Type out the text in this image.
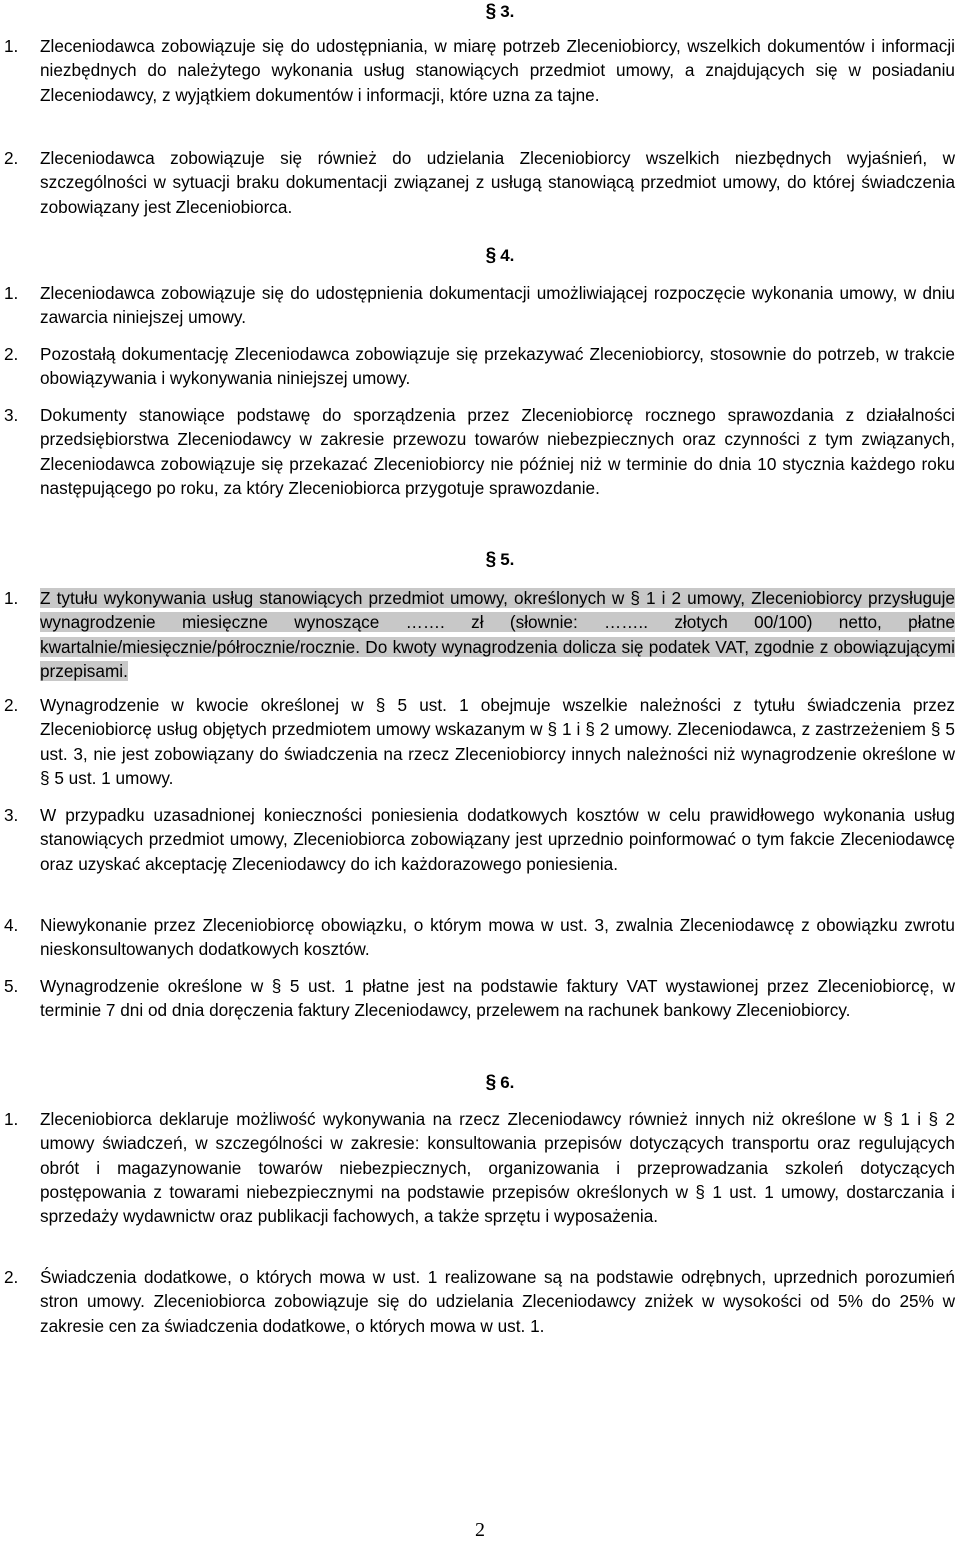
§ 3.

1. Zleceniodawca zobowiązuje się do udostępniania, w miarę potrzeb Zleceniobiorcy, wszelkich dokumentów i informacji niezbędnych do należytego wykonania usług stanowiących przedmiot umowy, a znajdujących się w posiadaniu Zleceniodawcy, z wyjątkiem dokumentów i informacji, które uzna za tajne.
2. Zleceniodawca zobowiązuje się również do udzielania Zleceniobiorcy wszelkich niezbędnych wyjaśnień, w szczególności w sytuacji braku dokumentacji związanej z usługą stanowiącą przedmiot umowy, do której świadczenia zobowiązany jest Zleceniobiorca.

§ 4.

1. Zleceniodawca zobowiązuje się do udostępnienia dokumentacji umożliwiającej rozpoczęcie wykonania umowy, w dniu zawarcia niniejszej umowy.
2. Pozostałą dokumentację Zleceniodawca zobowiązuje się przekazywać Zleceniobiorcy, stosownie do potrzeb, w trakcie obowiązywania i wykonywania niniejszej umowy.
3. Dokumenty stanowiące podstawę do sporządzenia przez Zleceniobiorcę rocznego sprawozdania z działalności przedsiębiorstwa Zleceniodawcy w zakresie przewozu towarów niebezpiecznych oraz czynności z tym związanych, Zleceniodawca zobowiązuje się przekazać Zleceniobiorcy nie później niż w terminie do dnia 10 stycznia każdego roku następującego po roku, za który Zleceniobiorca przygotuje sprawozdanie.

§ 5.

1. Z tytułu wykonywania usług stanowiących przedmiot umowy, określonych w § 1 i 2 umowy, Zleceniobiorcy przysługuje wynagrodzenie miesięczne wynoszące ……. zł (słownie: …….. złotych 00/100) netto, płatne kwartalnie/miesięcznie/półrocznie/rocznie. Do kwoty wynagrodzenia dolicza się podatek VAT, zgodnie z obowiązującymi przepisami.
2. Wynagrodzenie w kwocie określonej w § 5 ust. 1 obejmuje wszelkie należności z tytułu świadczenia przez Zleceniobiorcę usług objętych przedmiotem umowy wskazanym w § 1 i § 2 umowy. Zleceniodawca, z zastrzeżeniem § 5 ust. 3, nie jest zobowiązany do świadczenia na rzecz Zleceniobiorcy innych należności niż wynagrodzenie określone w § 5 ust. 1 umowy.
3. W przypadku uzasadnionej konieczności poniesienia dodatkowych kosztów w celu prawidłowego wykonania usług stanowiących przedmiot umowy, Zleceniobiorca zobowiązany jest uprzednio poinformować o tym fakcie Zleceniodawcę oraz uzyskać akceptację Zleceniodawcy do ich każdorazowego poniesienia.
4. Niewykonanie przez Zleceniobiorcę obowiązku, o którym mowa w ust. 3, zwalnia Zleceniodawcę z obowiązku zwrotu nieskonsultowanych dodatkowych kosztów.
5. Wynagrodzenie określone w § 5 ust. 1 płatne jest na podstawie faktury VAT wystawionej przez Zleceniobiorcę, w terminie 7 dni od dnia doręczenia faktury Zleceniodawcy, przelewem na rachunek bankowy Zleceniobiorcy.

§ 6.

1. Zleceniobiorca deklaruje możliwość wykonywania na rzecz Zleceniodawcy również innych niż określone w § 1 i § 2 umowy świadczeń, w szczególności w zakresie: konsultowania przepisów dotyczących transportu oraz regulujących obrót i magazynowanie towarów niebezpiecznych, organizowania i przeprowadzania szkoleń dotyczących postępowania z towarami niebezpiecznymi na podstawie przepisów określonych w § 1 ust. 1 umowy, dostarczania i sprzedaży wydawnictw oraz publikacji fachowych, a także sprzętu i wyposażenia.
2. Świadczenia dodatkowe, o których mowa w ust. 1 realizowane są na podstawie odrębnych, uprzednich porozumień stron umowy. Zleceniobiorca zobowiązuje się do udzielania Zleceniodawcy zniżek w wysokości od 5% do 25% w zakresie cen za świadczenia dodatkowe, o których mowa w ust. 1.
2
